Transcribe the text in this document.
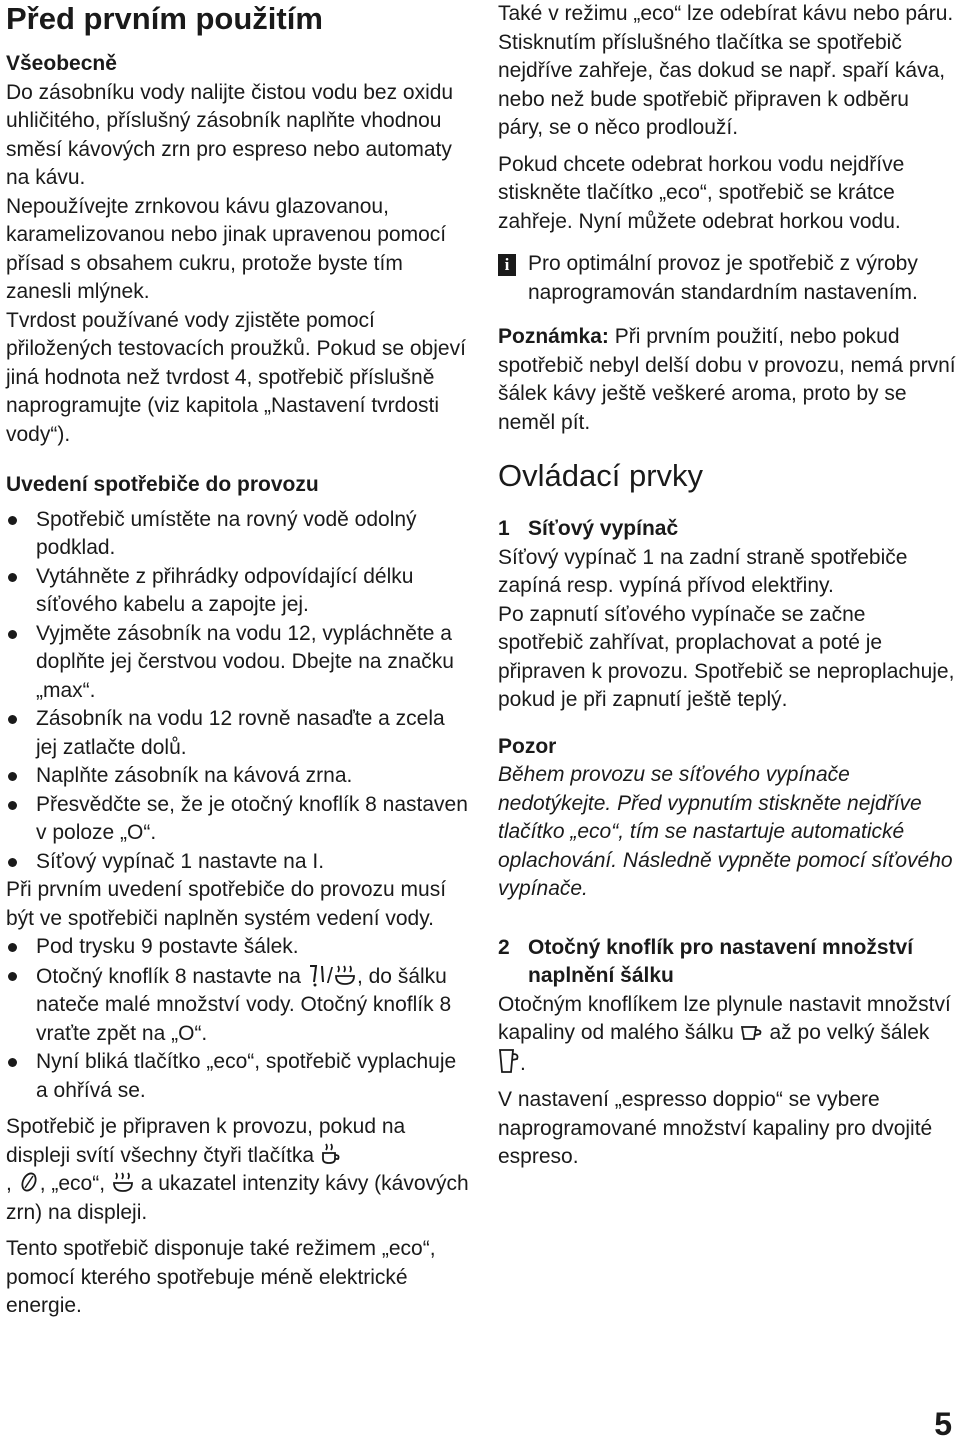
Před prvním použitím
Všeobecně

Do zásobníku vody nalijte čistou vodu bez oxidu uhličitého, příslušný zásobník naplňte vhodnou směsí kávových zrn pro espreso nebo automaty na kávu.

Nepoužívejte zrnkovou kávu glazovanou, karamelizovanou nebo jinak upravenou pomocí přísad s obsahem cukru, protože byste tím zanesli mlýnek.

Tvrdost používané vody zjistěte pomocí přiložených testovacích proužků. Pokud se objeví jiná hodnota než tvrdost 4, spotřebič příslušně naprogramujte (viz kapitola „Nastavení tvrdosti vody“).

Uvedení spotřebiče do provozu
Spotřebič umístěte na rovný vodě odolný podklad.
Vytáhněte z přihrádky odpovídající délku síťového kabelu a zapojte jej.
Vyjměte zásobník na vodu 12, vypláchněte a doplňte jej čerstvou vodou. Dbejte na značku „max“.
Zásobník na vodu 12 rovně nasaďte a zcela jej zatlačte dolů.
Naplňte zásobník na kávová zrna.
Přesvědčte se, že je otočný knoflík 8 nastaven v poloze „O“.
Síťový vypínač 1 nastavte na I.

Při prvním uvedení spotřebiče do provozu musí být ve spotřebiči naplněn systém vedení vody.

Pod trysku 9 postavte šálek.
Otočný knoflík 8 nastavte na / , do šálku nateče malé množství vody. Otočný knoflík 8 vraťte zpět na „O“.
Nyní bliká tlačítko „eco“, spotřebič vyplachuje a ohřívá se.

Spotřebič je připraven k provozu, pokud na displeji svítí všechny čtyři tlačítka

, , „eco“, a ukazatel intenzity kávy (kávových zrn) na displeji.

Tento spotřebič disponuje také režimem „eco“, pomocí kterého spotřebuje méně elektrické energie.

Také v režimu „eco“ lze odebírat kávu nebo páru. Stisknutím příslušného tlačítka se spotřebič nejdříve zahřeje, čas dokud se např. spaří káva, nebo než bude spotřebič připraven k odběru páry, se o něco prodlouží.

Pokud chcete odebrat horkou vodu nejdříve stiskněte tlačítko „eco“, spotřebič se krátce zahřeje. Nyní můžete odebrat horkou vodu.

i Pro optimální provoz je spotřebič z výroby naprogramován standardním nastavením.

Poznámka: Při prvním použití, nebo pokud spotřebič nebyl delší dobu v provozu, nemá první šálek kávy ještě veškeré aroma, proto by se neměl pít.

Ovládací prvky
1 Síťový vypínač

Síťový vypínač 1 na zadní straně spotřebiče zapíná resp. vypíná přívod elektřiny.

Po zapnutí síťového vypínače se začne spotřebič zahřívat, proplachovat a poté je připraven k provozu. Spotřebič se neproplachuje, pokud je při zapnutí ještě teplý.

Pozor

Během provozu se síťového vypínače nedotýkejte. Před vypnutím stiskněte nejdříve tlačítko „eco“, tím se nastartuje automatické oplachování. Následně vypněte pomocí síťového vypínače.

2 Otočný knoflík pro nastavení množství naplnění šálku

Otočným knoflíkem lze plynule nastavit množství kapaliny od malého šálku až po velký šálek
.

V nastavení „espresso doppio“ se vybere naprogramované množství kapaliny pro dvojité espreso.

5
